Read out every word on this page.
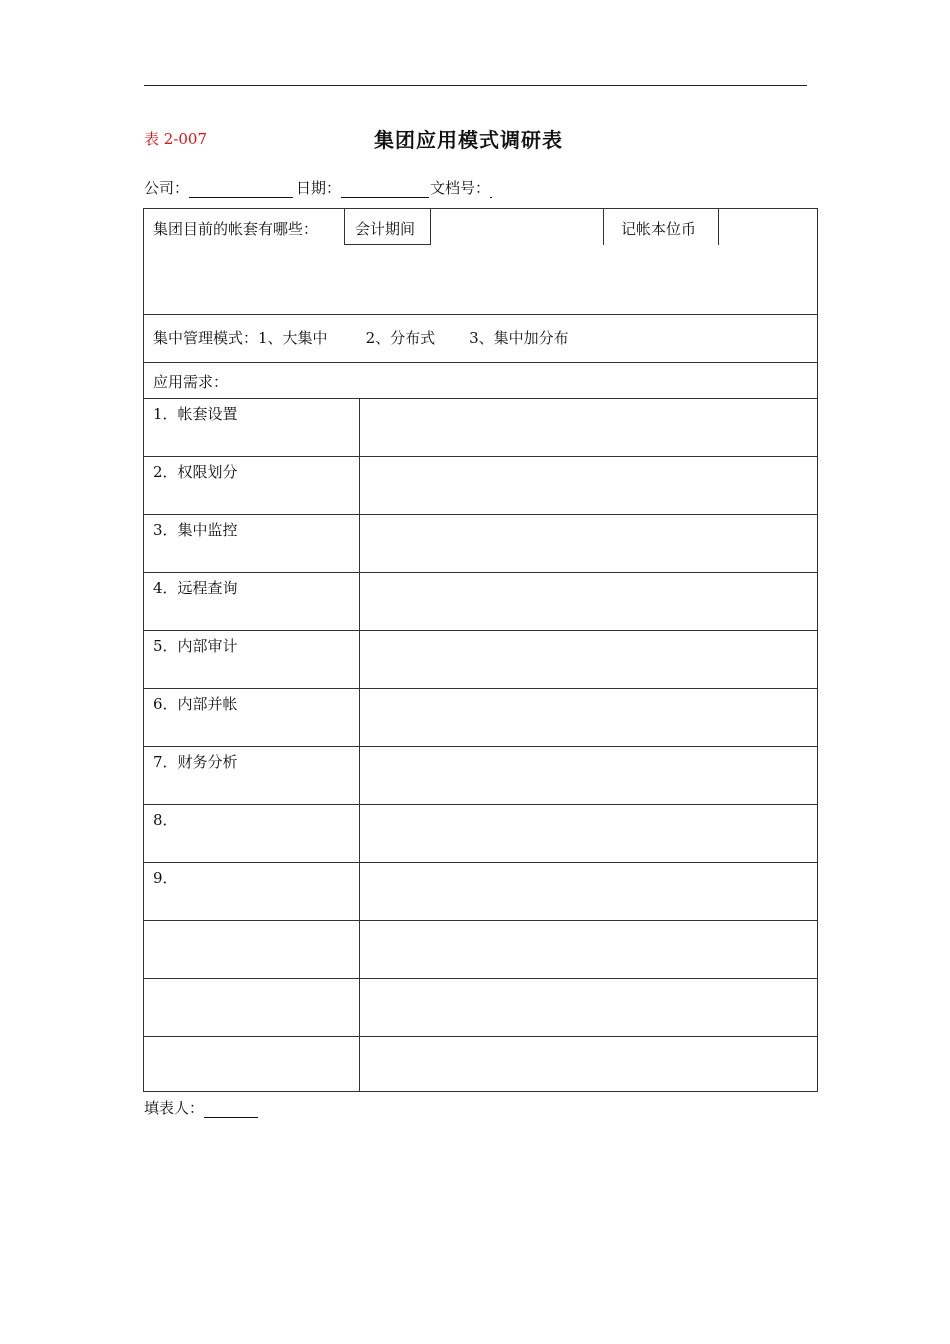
表 2-007	集团应用模式调研表
公司：	日期：	文档号：
集团目前的帐套有哪些： 会计期间	记帐本位币
集中管理模式：1、大集中	2、分布式 3、集中加分布
应用需求：
1．帐套设置
2．权限划分
3．集中监控
4．远程查询
5．内部审计
6．内部并帐
7．财务分析
8．
9．
填表人：
